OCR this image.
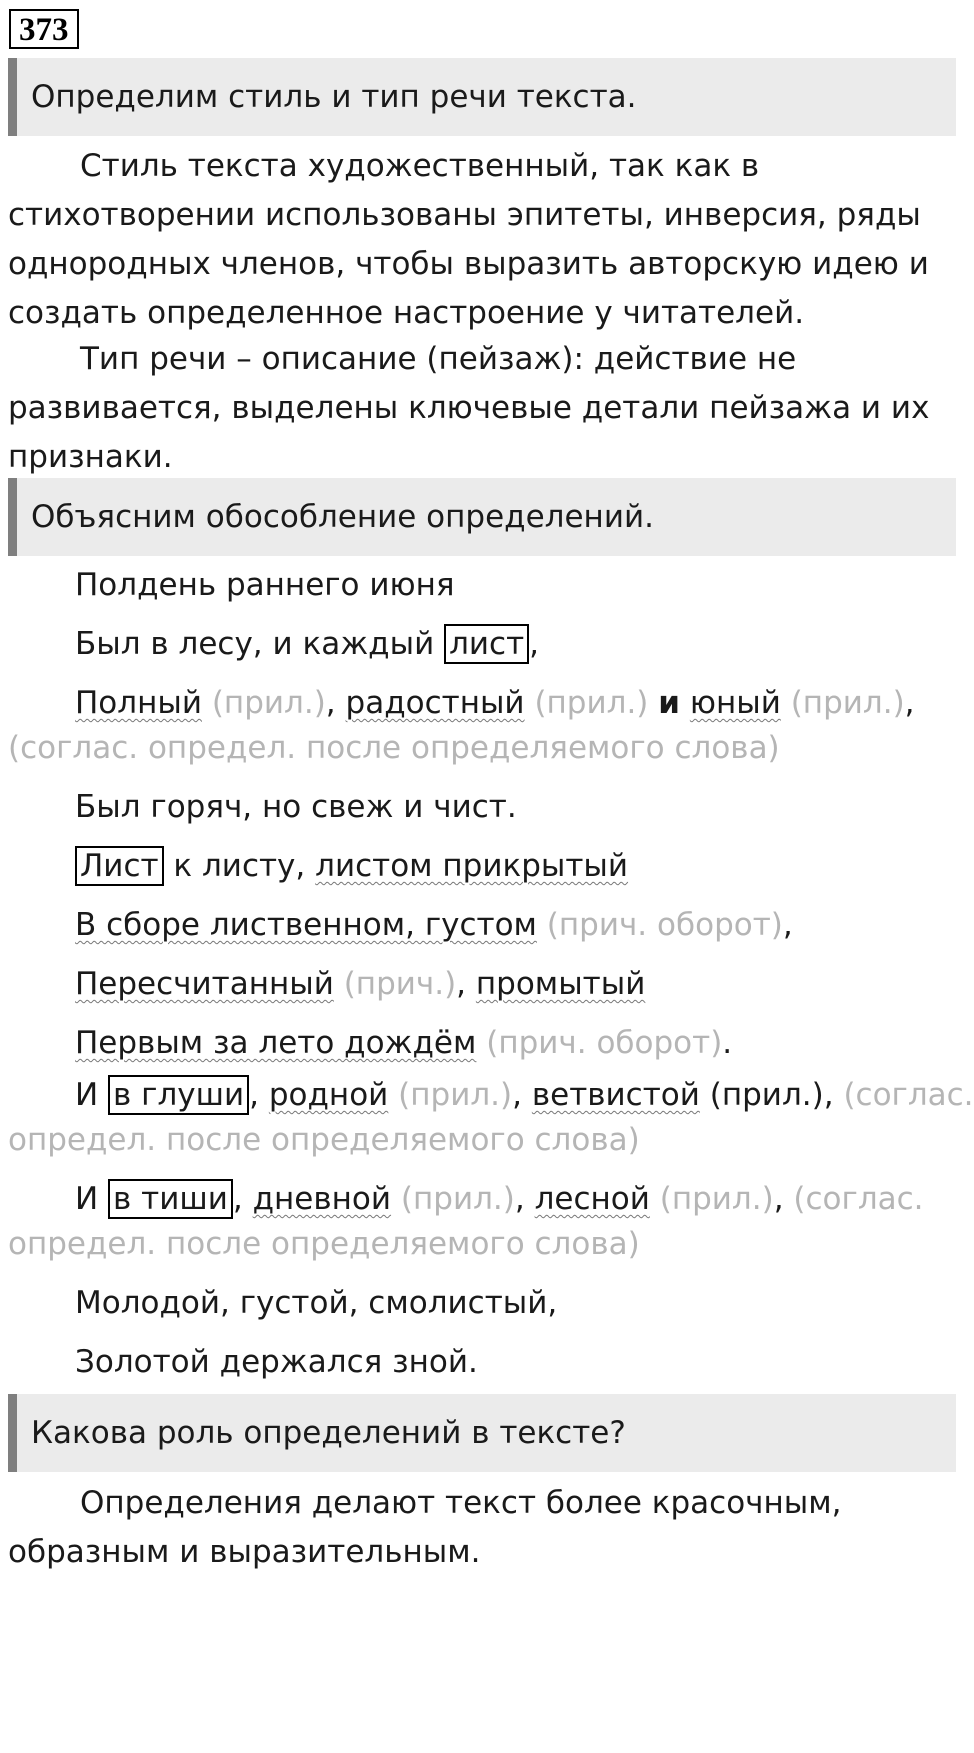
373
Определим стиль и тип речи текста.
Стиль текста художественный, так как в стихотворении использованы эпитеты, инверсия, ряды однородных членов, чтобы выразить авторскую идею и создать определенное настроение у читателей.
Тип речи – описание (пейзаж): действие не развивается, выделены ключевые детали пейзажа и их признаки.
Объясним обособление определений.
Полдень раннего июня
Был в лесу, и каждый лист ,
Полный (прил.), радостный (прил.) и юный (прил.),
(соглас. определ. после определяемого слова)
Был горяч, но свеж и чист.
Лист к листу, листом прикрытый
В сборе лиственном, густом (прич. оборот),
Пересчитанный (прич.), промытый
Первым за лето дождём (прич. оборот).
И в глуши , родной (прил.), ветвистой (прил.), (соглас.
определ. после определяемого слова)
И в тиши , дневной (прил.), лесной (прил.), (соглас.
определ. после определяемого слова)
Молодой, густой, смолистый,
Золотой держался зной.
Какова роль определений в тексте?
Определения делают текст более красочным, образным и выразительным.
